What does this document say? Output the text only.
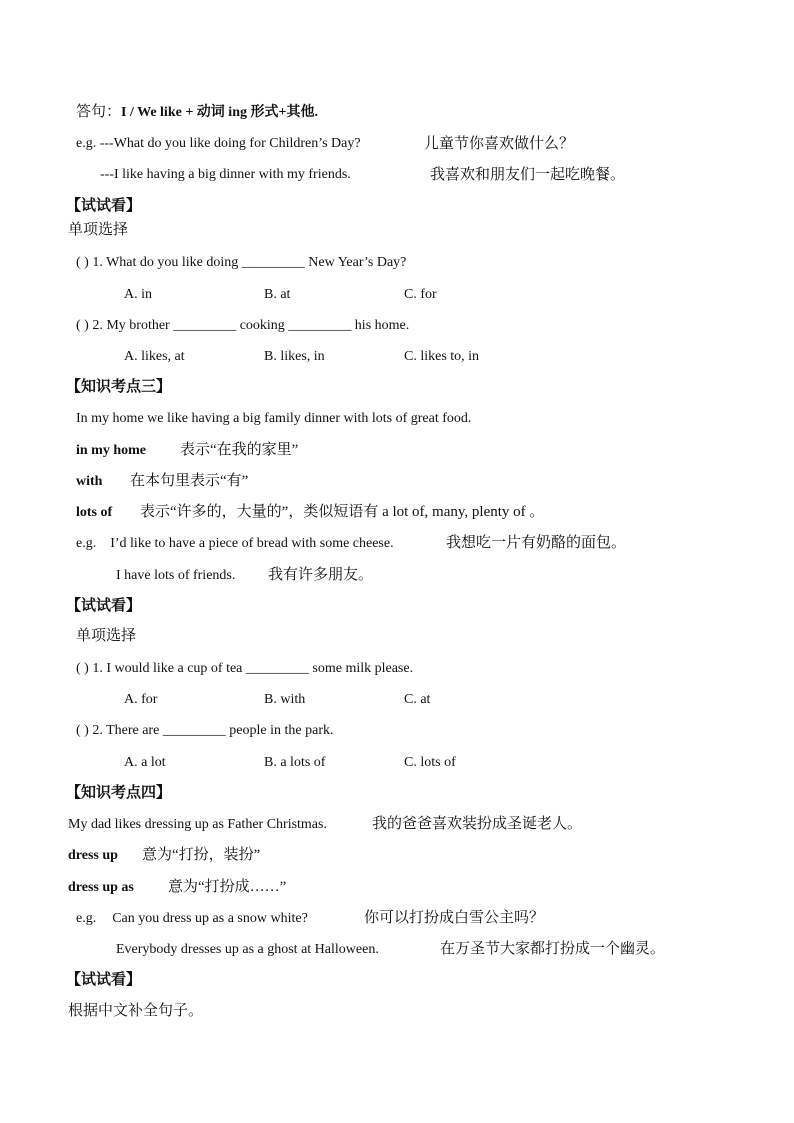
答句：I / We like + 动词 ing 形式+其他.
e.g. ---What do you like doing for Children’s Day?	儿童节你喜欢做什么？
---I like having a big dinner with my friends.	我喜欢和朋友们一起吃晚餐。
【试试看】
单项选择
( ) 1. What do you like doing _________ New Year’s Day?
A. in	B. at	C. for
( ) 2. My brother _________ cooking _________ his home.
A. likes, at	B. likes, in	C. likes to, in
【知识考点三】
In my home we like having a big family dinner with lots of great food.
in my home 表示“在我的家里”
with 在本句里表示“有”
lots of 表示“许多的，大量的”，类似短语有 a lot of, many, plenty of 。
e.g. I’d like to have a piece of bread with some cheese.	我想吃一片有奶酪的面包。
I have lots of friends. 我有许多朋友。
【试试看】
单项选择
( ) 1. I would like a cup of tea _________ some milk please.
A. for	B. with	C. at
( ) 2. There are _________ people in the park.
A. a lot	B. a lots of	C. lots of
【知识考点四】
My dad likes dressing up as Father Christmas.	我的爸爸喜欢装扮成圣诞老人。
dress up 意为“打扮，装扮”
dress up as 意为“打扮成……”
e.g. Can you dress up as a snow white?	你可以打扮成白雪公主吗？
Everybody dresses up as a ghost at Halloween.	在万圣节大家都打扮成一个幽灵。
【试试看】
根据中文补全句子。
